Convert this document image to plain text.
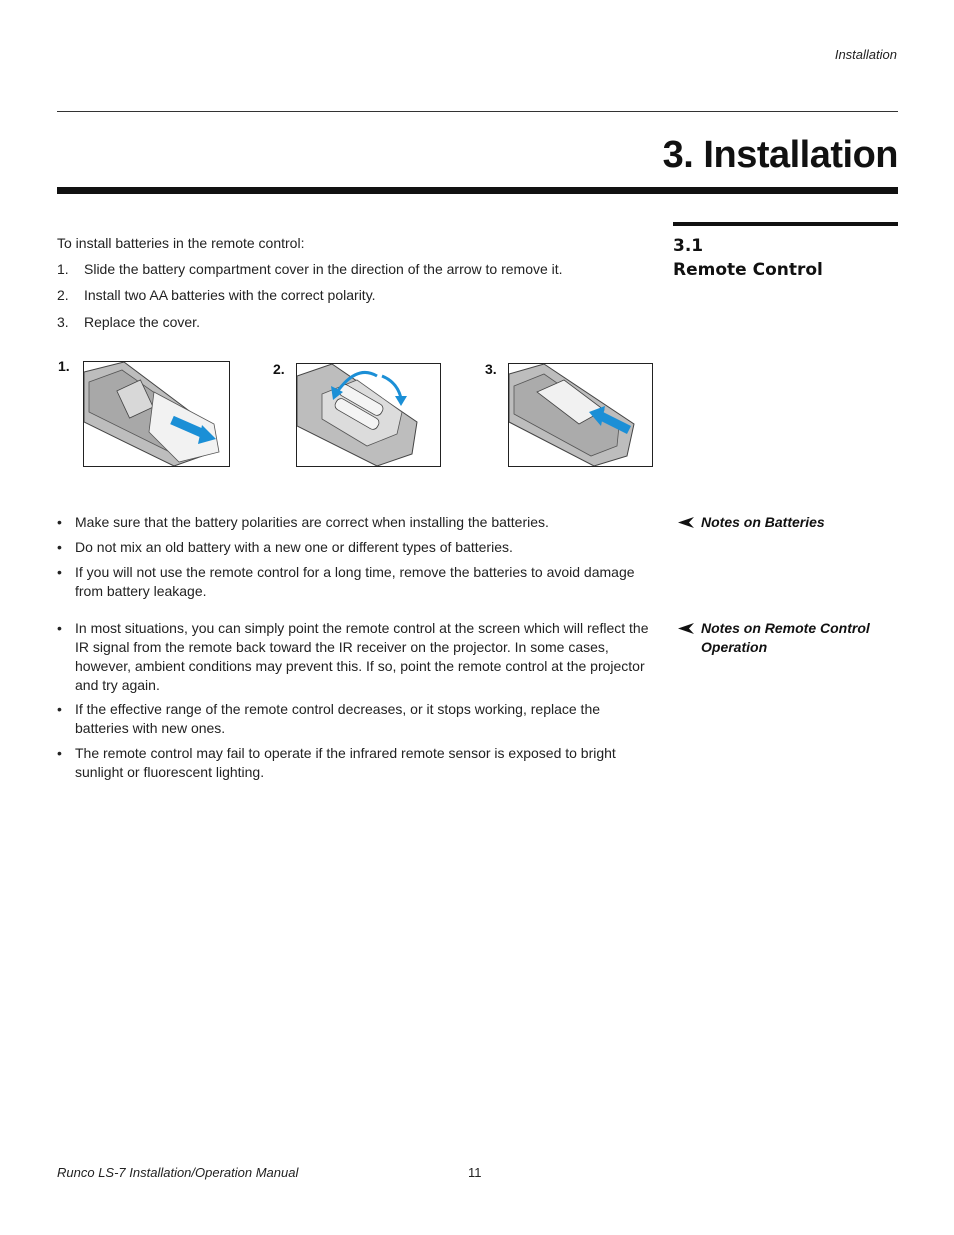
Installation
3. Installation
3.1
Remote Control
To install batteries in the remote control:
1.	Slide the battery compartment cover in the direction of the arrow to remove it.
2.	Install two AA batteries with the correct polarity.
3.	Replace the cover.
1.	2.	3.
Notes on Batteries
• Make sure that the battery polarities are correct when installing the batteries.
• Do not mix an old battery with a new one or different types of batteries.
• If you will not use the remote control for a long time, remove the batteries to avoid damage from battery leakage.
Notes on Remote Control Operation
• In most situations, you can simply point the remote control at the screen which will reflect the IR signal from the remote back toward the IR receiver on the projector. In some cases, however, ambient conditions may prevent this. If so, point the remote control at the projector and try again.
• If the effective range of the remote control decreases, or it stops working, replace the batteries with new ones.
• The remote control may fail to operate if the infrared remote sensor is exposed to bright sunlight or fluorescent lighting.
Runco LS-7 Installation/Operation Manual	11
